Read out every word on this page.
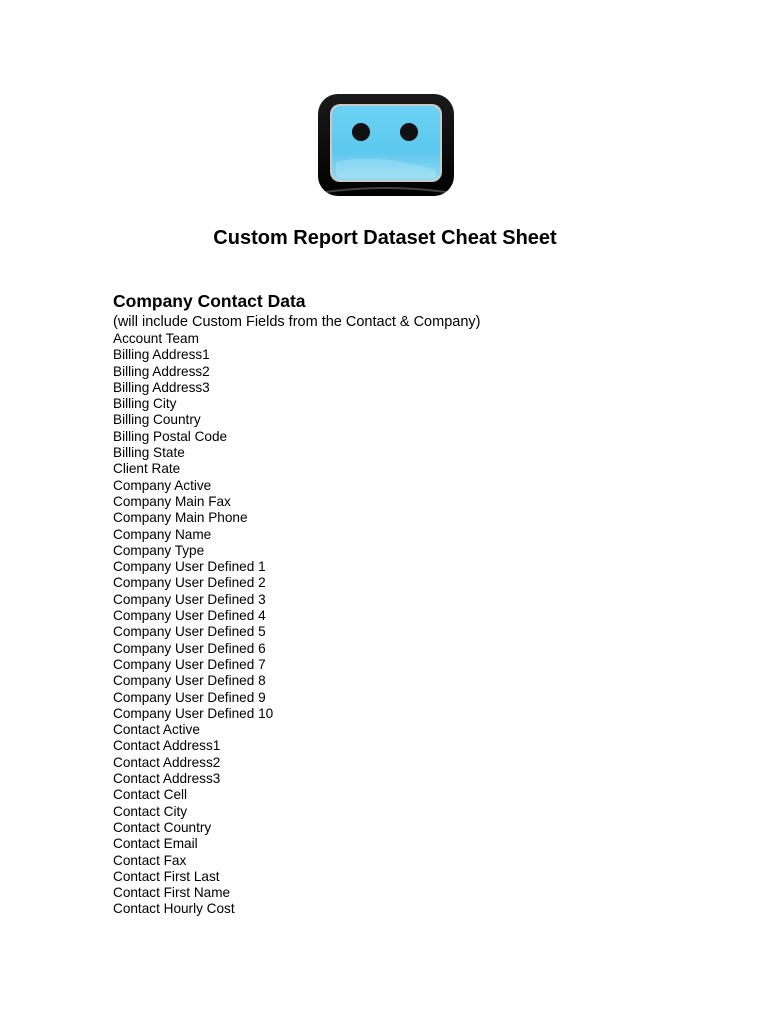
Custom Report Dataset Cheat Sheet
Company Contact Data
(will include Custom Fields from the Contact & Company)
Account Team
Billing Address1
Billing Address2
Billing Address3
Billing City
Billing Country
Billing Postal Code
Billing State
Client Rate
Company Active
Company Main Fax
Company Main Phone
Company Name
Company Type
Company User Defined 1
Company User Defined 2
Company User Defined 3
Company User Defined 4
Company User Defined 5
Company User Defined 6
Company User Defined 7
Company User Defined 8
Company User Defined 9
Company User Defined 10
Contact Active
Contact Address1
Contact Address2
Contact Address3
Contact Cell
Contact City
Contact Country
Contact Email
Contact Fax
Contact First Last
Contact First Name
Contact Hourly Cost
